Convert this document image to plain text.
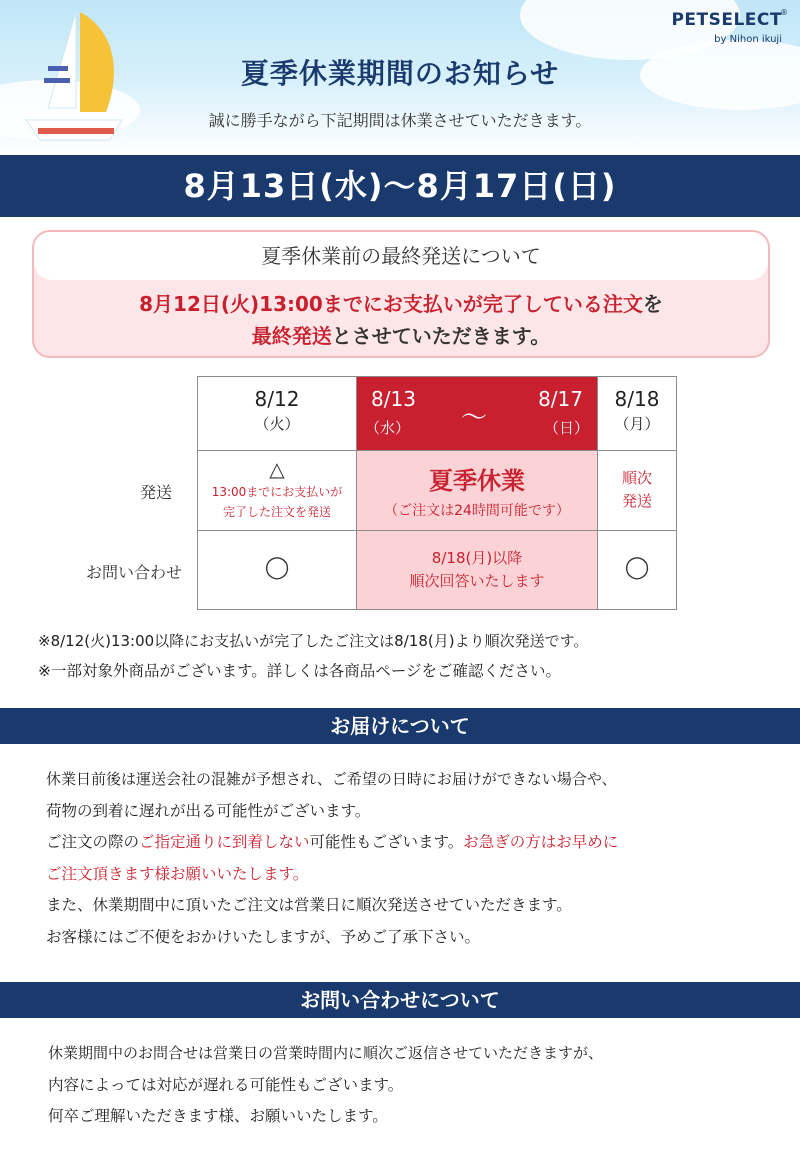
PETSELECT
®
by Nihon ikuji
夏季休業期間のお知らせ
誠に勝手ながら下記期間は休業させていただきます。
8月13日(水)〜8月17日(日)
夏季休業前の最終発送について
8月12日(火)13:00までにお支払いが完了している注文を
最終発送とさせていただきます。
発送
お問い合わせ
8/12
（火）
8/13
（水） 〜
8/17
（日）
8/18
（月）
△
13:00までにお支払いが
完了した注文を発送
夏季休業
（ご注文は24時間可能です）
順次
発送
◯	8/18(月)以降
順次回答いたします
◯
※8/12(火)13:00以降にお支払いが完了したご注文は8/18(月)より順次発送です。
※一部対象外商品がございます。詳しくは各商品ページをご確認ください。
お届けについて

休業日前後は運送会社の混雑が予想され、ご希望の日時にお届けができない場合や、

荷物の到着に遅れが出る可能性がございます。

ご注文の際のご指定通りに到着しない可能性もございます。お急ぎの方はお早めに

ご注文頂きます様お願いいたします。

また、休業期間中に頂いたご注文は営業日に順次発送させていただきます。

お客様にはご不便をおかけいたしますが、予めご了承下さい。

お問い合わせについて

休業期間中のお問合せは営業日の営業時間内に順次ご返信させていただきますが、

内容によっては対応が遅れる可能性もございます。

何卒ご理解いただきます様、お願いいたします。
